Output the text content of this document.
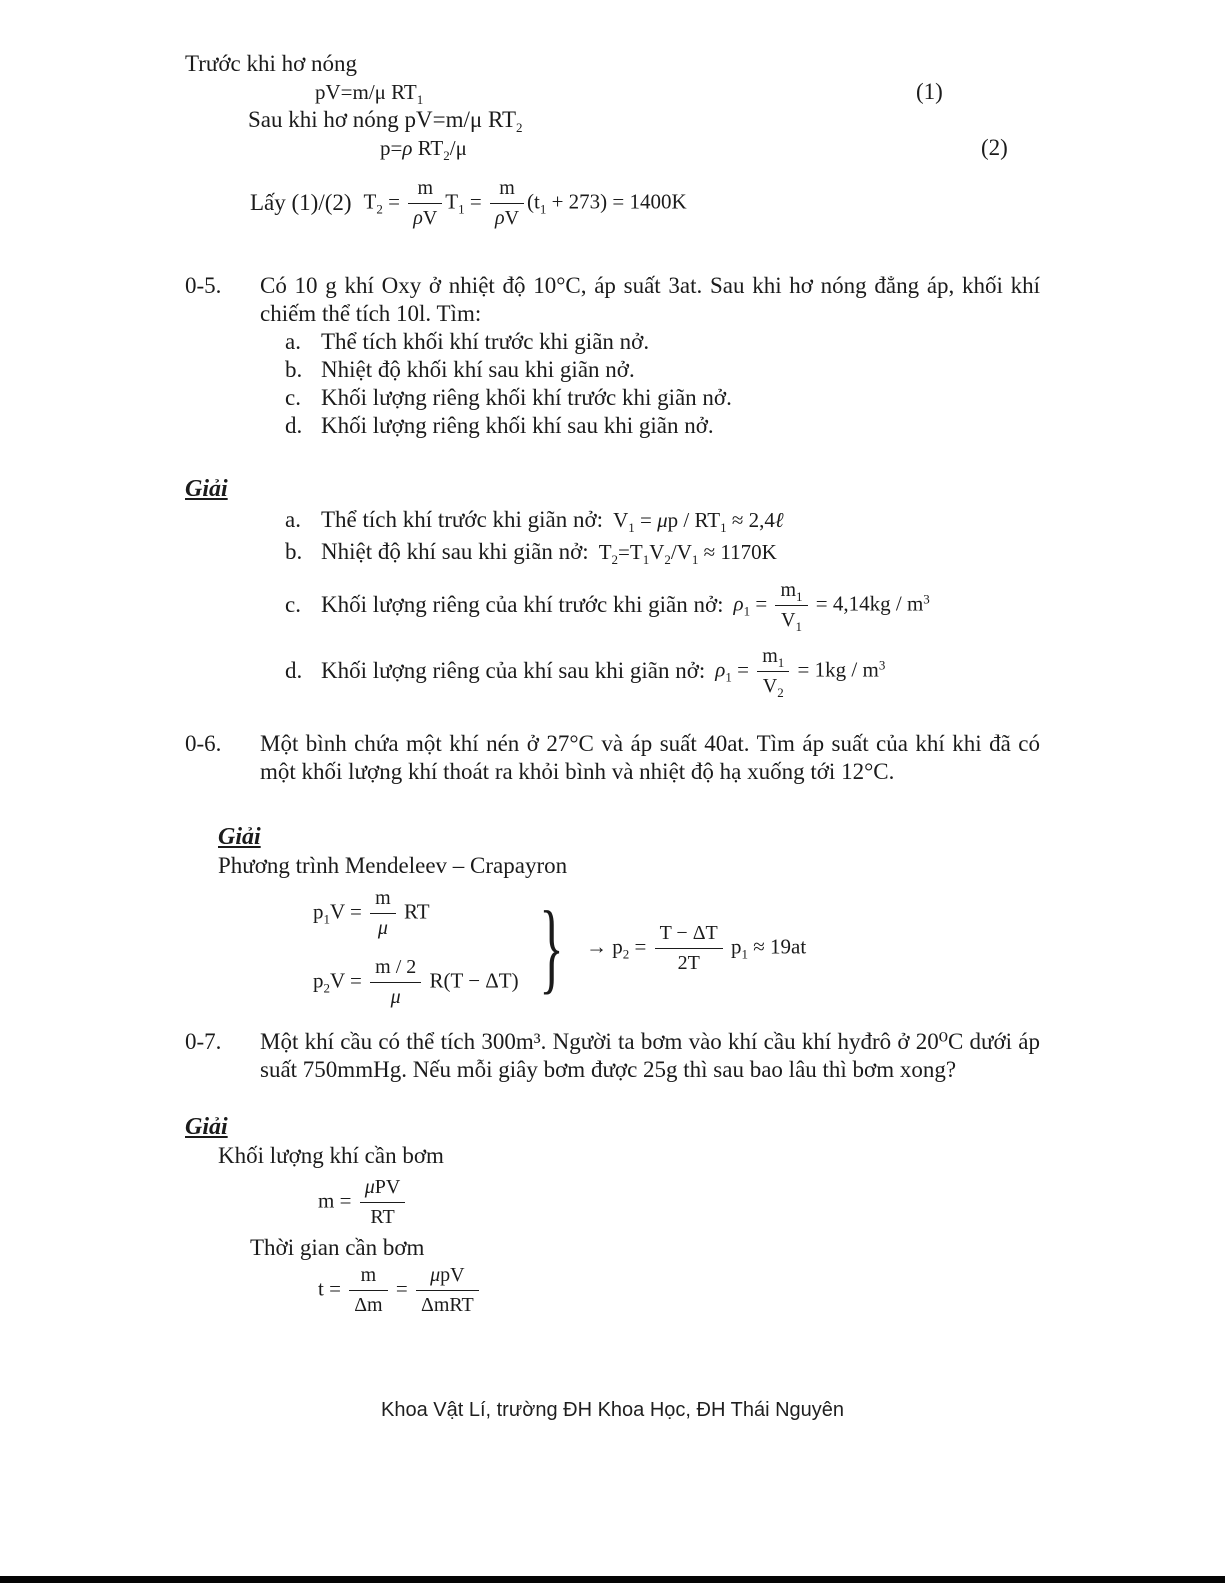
Trước khi hơ nóng
pV=m/μ $RT_1$	(1)
Sau khi hơ nóng pV=m/μ $RT_2$
p=ρ $RT_2/\mu$	(2)
Lấy (1)/(2) $T_2 = \frac{m}{\rho V} T_1 = \frac{m}{\rho V} (t_1 + 273) = 1400K$
0-5.	Có 10 g khí Oxy ở nhiệt độ 10°C, áp suất 3at. Sau khi hơ nóng đẳng áp, khối khí chiếm thể tích 10l. Tìm:
a. Thể tích khối khí trước khi giãn nở.
b. Nhiệt độ khối khí sau khi giãn nở.
c. Khối lượng riêng khối khí trước khi giãn nở.
d. Khối lượng riêng khối khí sau khi giãn nở.
Giải
a. Thể tích khí trước khi giãn nở: $V_1 = \mu p / RT_1$ ≈ 2,4ℓ
b. Nhiệt độ khí sau khi giãn nở: $T_2=T_1V_2/V_1 \approx 1170K$
c. Khối lượng riêng của khí trước khi giãn nở: $\rho_1 = \frac{m_1}{V_1} = 4,14kg / m^3$
d. Khối lượng riêng của khí sau khi giãn nở: $\rho_1 = \frac{m_1}{V_2} = 1kg / m^3$
0-6.	Một bình chứa một khí nén ở 27°C và áp suất 40at. Tìm áp suất của khí khi đã có một khối lượng khí thoát ra khỏi bình và nhiệt độ hạ xuống tới 12°C.
Giải
Phương trình Mendeleev – Crapayron
$p_1V = \frac{m}{\mu}$ RT
$p_2V = \frac{m / 2}{\mu} R(T - \Delta T)$ } → $p_2 = \frac{T - \Delta T}{2T} p_1 \approx 19at$
0-7.	Một khí cầu có thể tích 300m³. Người ta bơm vào khí cầu khí hyđrô ở 20⁰C dưới áp suất 750mmHg. Nếu mỗi giây bơm được 25g thì sau bao lâu thì bơm xong?
Giải
Khối lượng khí cần bơm
$m = \frac{\text{μPV}}{RT}$
Thời gian cần bơm
$t = \frac{m}{\Delta m} = \frac{\text{μpV}}{\text{ΔmRT}}$
Khoa Vật Lí, trường ĐH Khoa Học, ĐH Thái Nguyên
